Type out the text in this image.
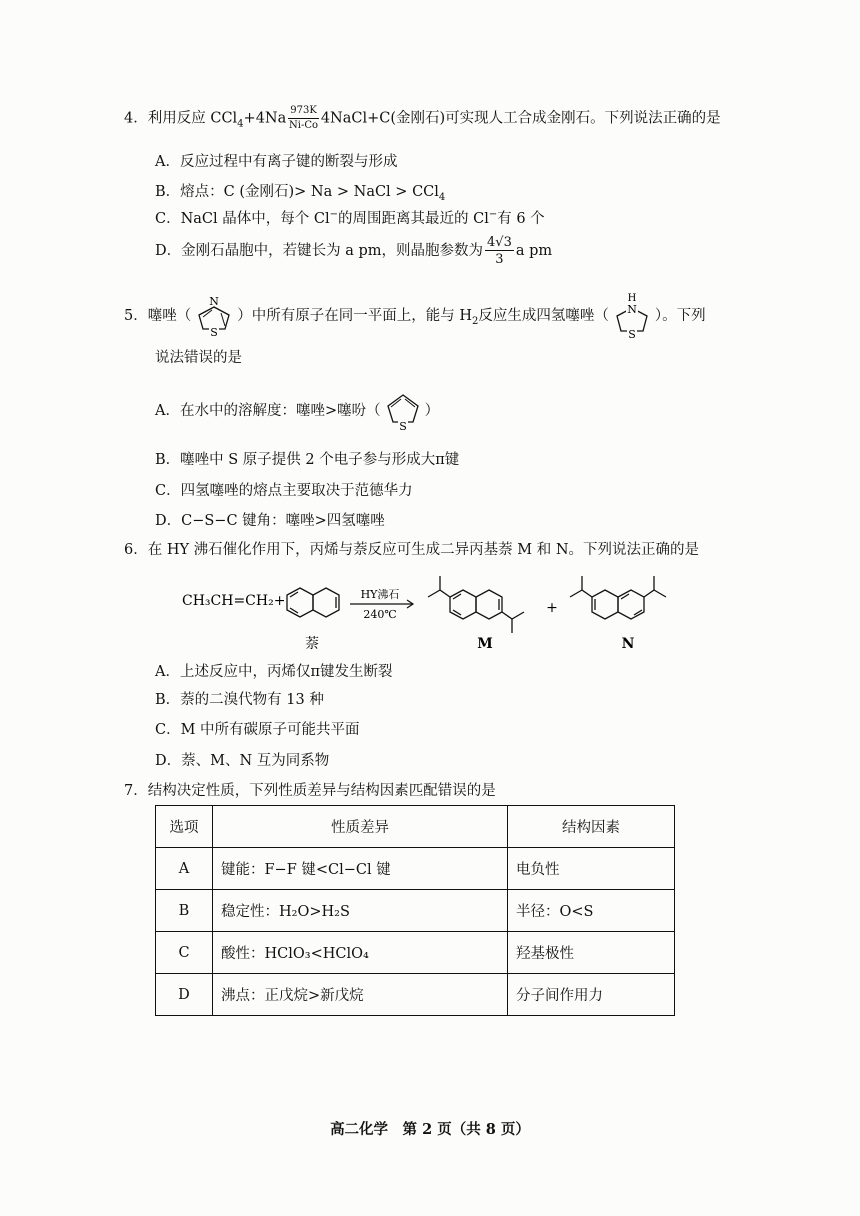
4．利用反应 $CCl_4+4Na \frac{973K}{Ni-Co}$ 4NaCl+C(金刚石)可实现人工合成金刚石。下列说法正确的是
A．反应过程中有离子键的断裂与形成
B．熔点：C (金刚石)> Na > NaCl > CCl$_4$
C．NaCl 晶体中，每个 Cl−的周围距离其最近的 Cl−有 6 个
D．金刚石晶胞中，若键长为 a pm，则晶胞参数为 $\frac{4√3}{3}$ a pm
5．噻唑（
N
S
）中所有原子在同一平面上，能与 $H_2$反应生成四氢噻唑（ N
H
S
）。下列
说法错误的是
A．在水中的溶解度：噻唑>噻吩（
S
）
B．噻唑中 S 原子提供 2 个电子参与形成大π键
C．四氢噻唑的熔点主要取决于范德华力
D．C−S−C 键角：噻唑>四氢噻唑
6．在 HY 沸石催化作用下，丙烯与萘反应可生成二异丙基萘 M 和 N。下列说法正确的是
CH₃CH=CH₂+
萘
HY沸石
240℃
M
+
N
A．上述反应中，丙烯仅π键发生断裂
B．萘的二溴代物有 13 种
C．M 中所有碳原子可能共平面
D．萘、M、N 互为同系物
7．结构决定性质，下列性质差异与结构因素匹配错误的是
选项	性质差异	结构因素
A	键能：F−F 键<Cl−Cl 键	电负性
B	稳定性：H₂O>H₂S	半径：O<S
C	酸性：HClO₃<HClO₄	羟基极性
D	沸点：正戊烷>新戊烷	分子间作用力
高二化学　第 2 页（共 8 页）
